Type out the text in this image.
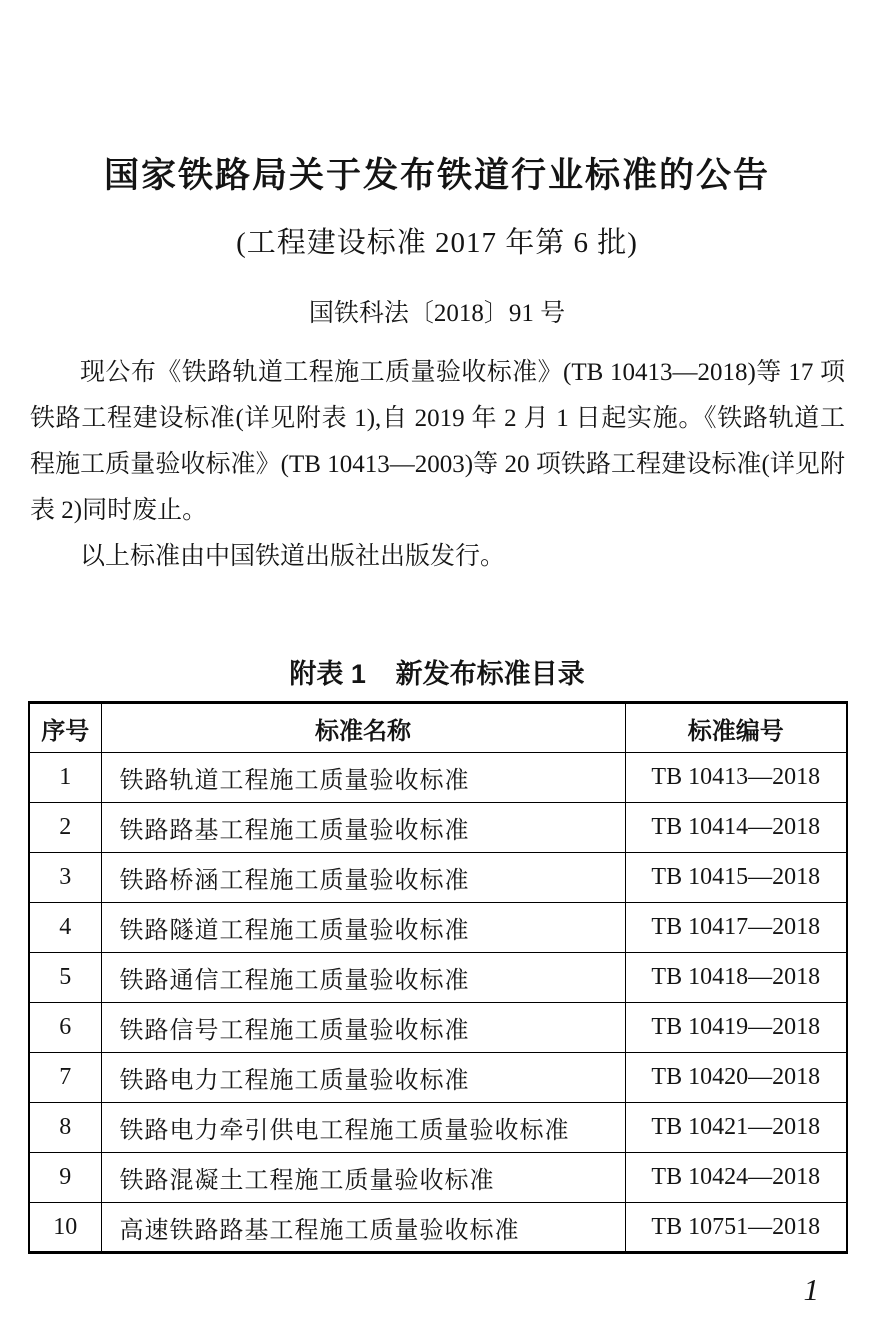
国家铁路局关于发布铁道行业标准的公告
(工程建设标准 2017 年第 6 批)
国铁科法〔2018〕91 号

现公布《铁路轨道工程施工质量验收标准》(TB 10413—2018)等 17 项铁路工程建设标准(详见附表 1),自 2019 年 2 月 1 日起实施。《铁路轨道工程施工质量验收标准》(TB 10413—2003)等 20 项铁路工程建设标准(详见附表 2)同时废止。

以上标准由中国铁道出版社出版发行。

附表 1 新发布标准目录
序号	标准名称	标准编号
1	铁路轨道工程施工质量验收标准	TB 10413—2018
2	铁路路基工程施工质量验收标准	TB 10414—2018
3	铁路桥涵工程施工质量验收标准	TB 10415—2018
4	铁路隧道工程施工质量验收标准	TB 10417—2018
5	铁路通信工程施工质量验收标准	TB 10418—2018
6	铁路信号工程施工质量验收标准	TB 10419—2018
7	铁路电力工程施工质量验收标准	TB 10420—2018
8	铁路电力牵引供电工程施工质量验收标准	TB 10421—2018
9	铁路混凝土工程施工质量验收标准	TB 10424—2018
10	高速铁路路基工程施工质量验收标准	TB 10751—2018
1
